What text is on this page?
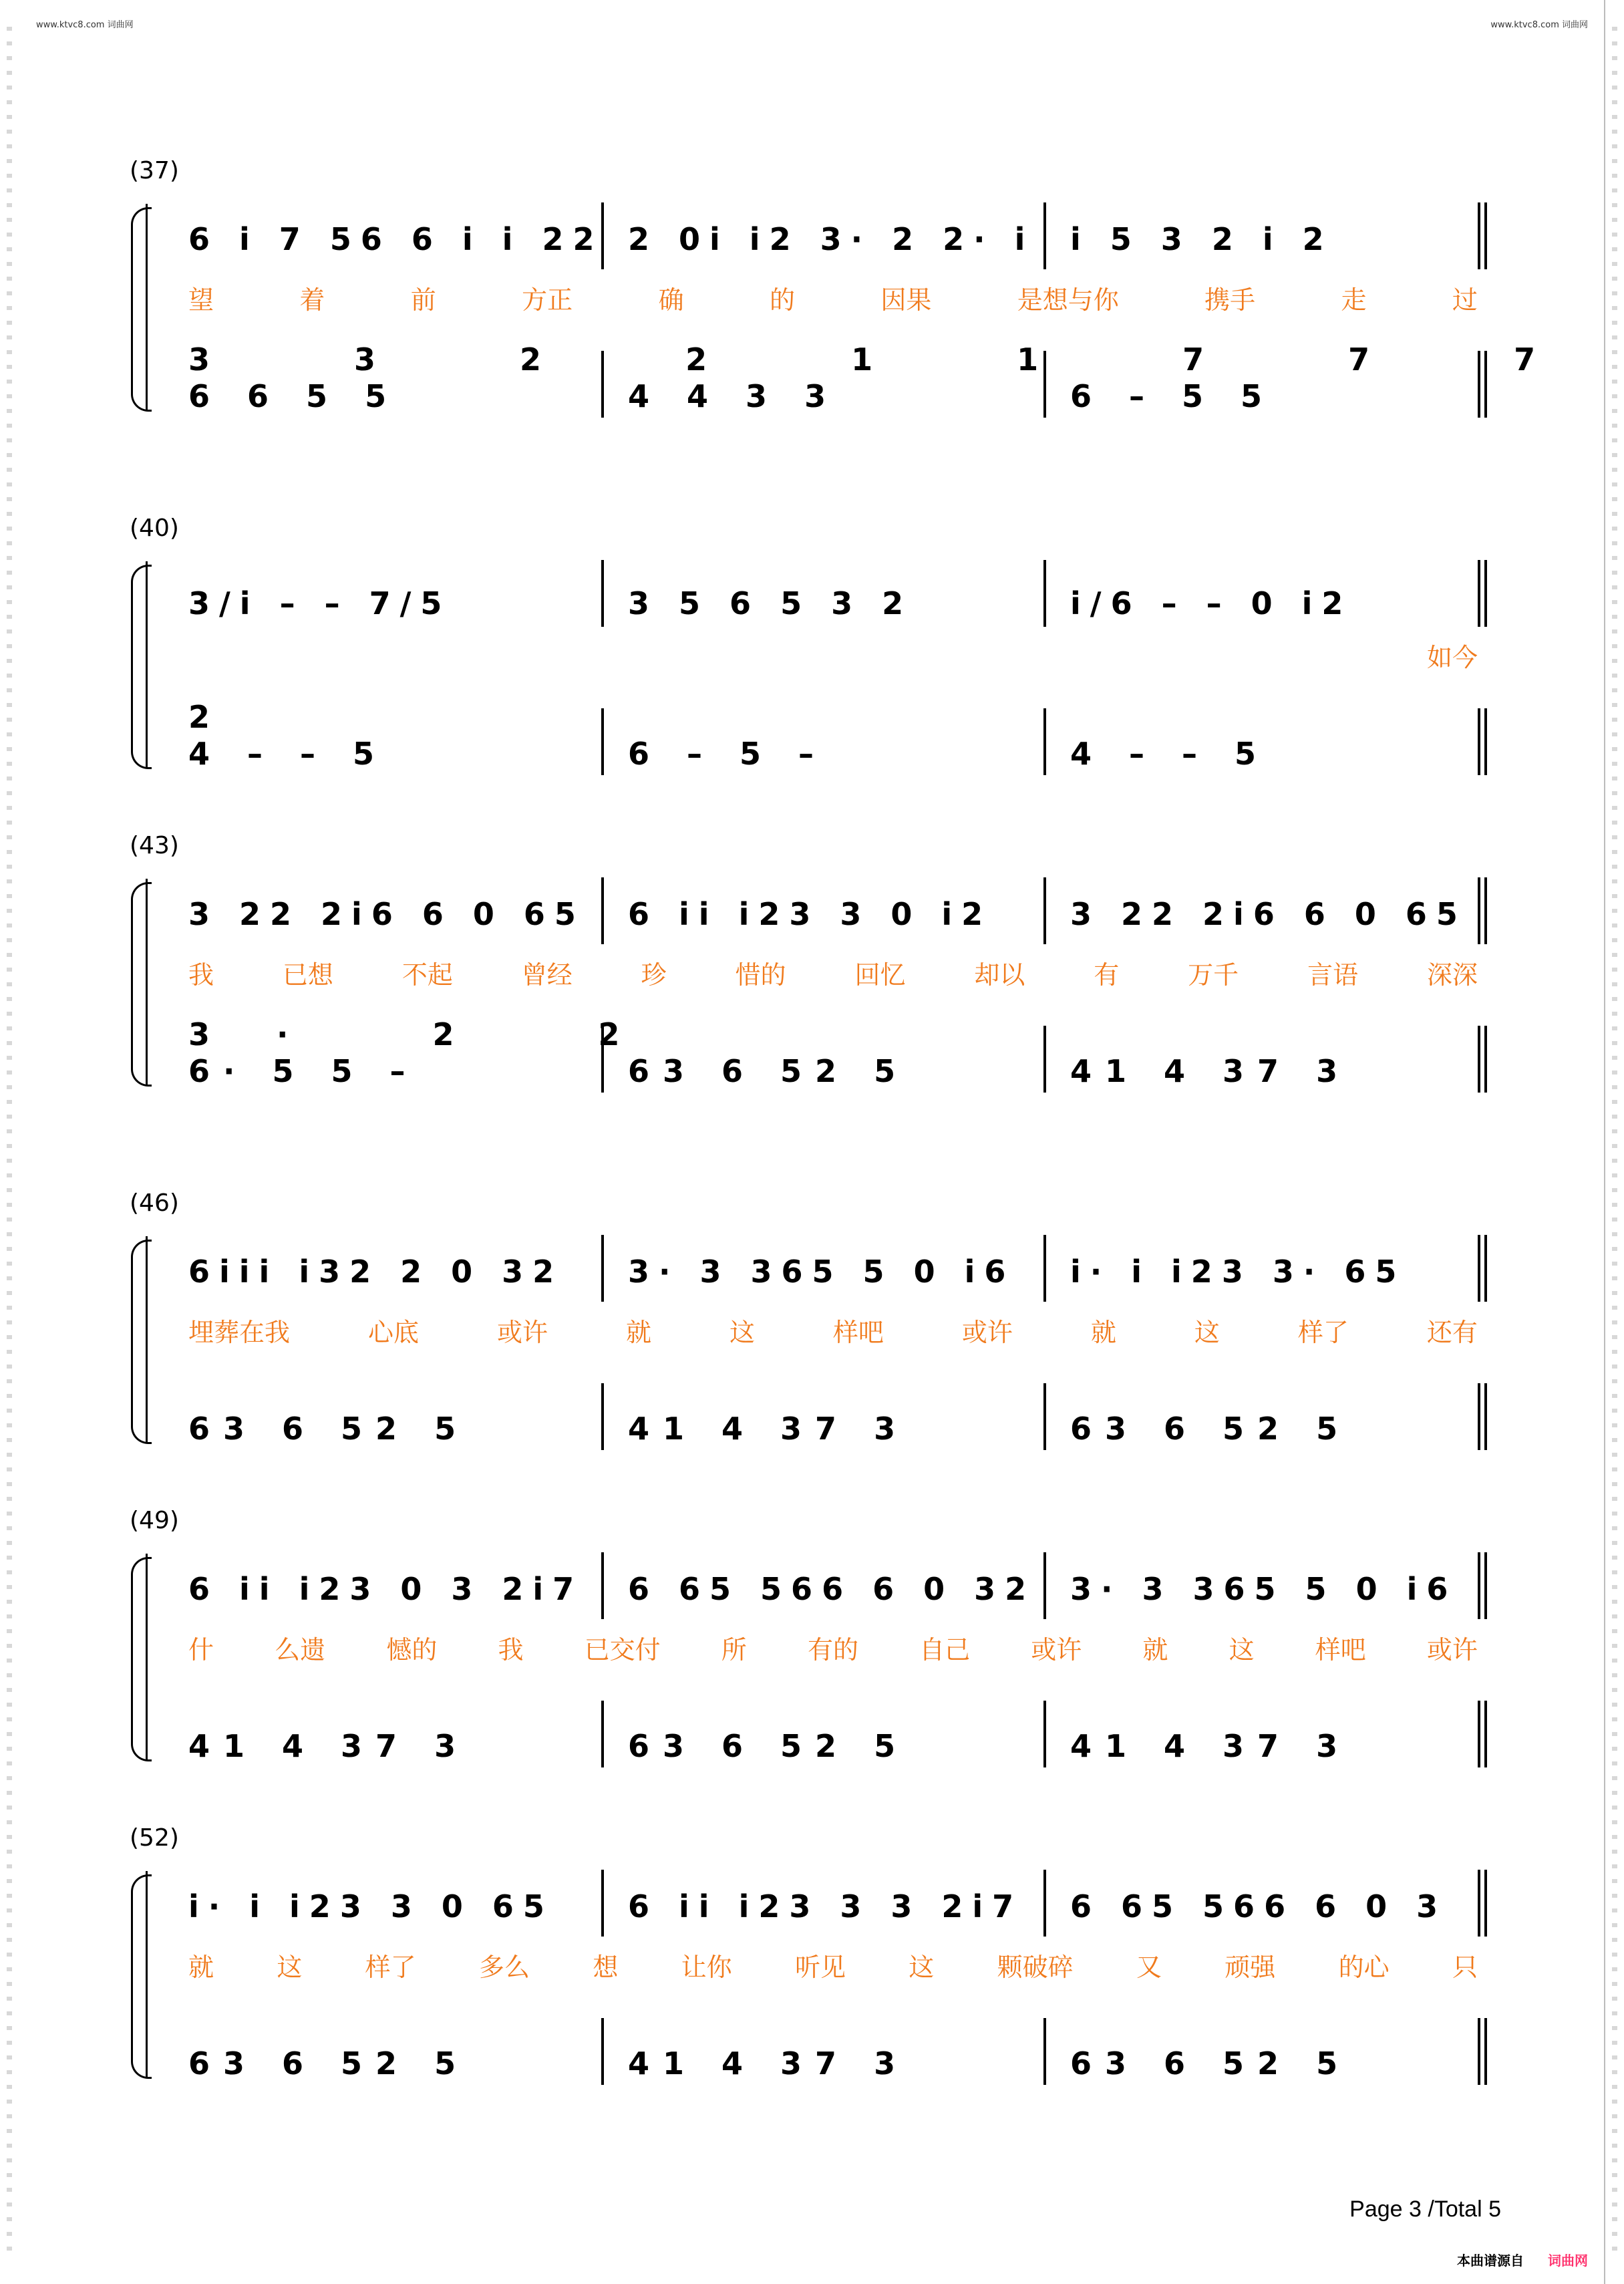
www.ktvc8.com 词曲网	www.ktvc8.com 词曲网
(37)
6 i 7 56 6 i i 22 2 0i i2 3· 2 2· i i 5 3 2 i 2
3 3 2 2 1 1 7 7 7
望	着	前	方正	确	的	因果	是想与你	携手	走	过
6 6 5 5	4 4 3 3	6 – 5 5
(40)
3/i – – 7/5	3 5 6 5 3 2	i/6 – – 0 i2
2
如今
4 – – 5	6 – 5 –	4 – – 5
(43)
3 22 2i6 6 0 65 6 ii i23 3 0 i2	3 22 2i6 6 0 65
3· 2 2
我	已想	不起	曾经	珍	惜的	回忆	却以	有	万千	言语	深深
6· 5 5 –	63 6 52 5	41 4 37 3
(46)
6iii i32 2 0 32 3· 3 365 5 0 i6 i· i i23 3· 65
埋葬在我	心底	或许	就	这	样吧	或许	就	这	样了	还有
63 6 52 5	41 4 37 3	63 6 52 5
(49)
6 ii i23 0 3 2i7 6 65 566 6 0 32 3· 3 365 5 0 i6
什 么遗 憾的 我 已交付 所 有的 自己 或许 就 这 样吧 或许
41 4 37 3	63 6 52 5	41 4 37 3
(52)
i· i i23 3 0 65 6 ii i23 3 3 2i7 6 65 566 6 0 3
就 这 样了 多么 想 让你 听见 这 颗破碎 又 顽强 的心 只
63 6 52 5	41 4 37 3	63 6 52 5
Page 3 /Total 5
本曲谱源自 词曲网
